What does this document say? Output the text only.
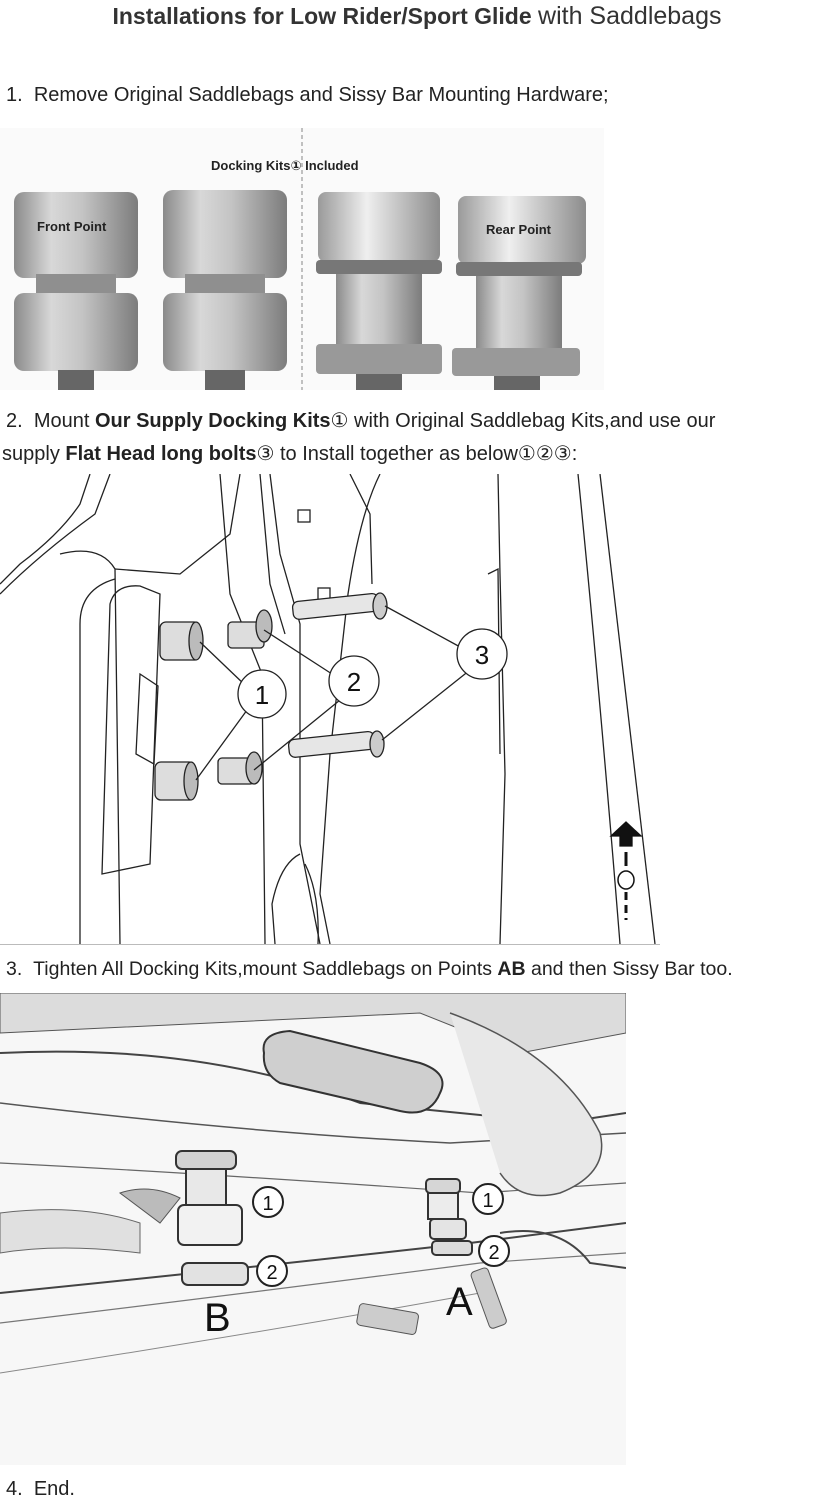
Installations for Low Rider/Sport Glide with Saddlebags
1. Remove Original Saddlebags and Sissy Bar Mounting Hardware;
Docking Kits① Included
Front Point	Rear Point
2. Mount Our Supply Docking Kits① with Original Saddlebag Kits,and use our
supply Flat Head long bolts③ to Install together as below①②③:
1	2
3
3. Tighten All Docking Kits,mount Saddlebags on Points AB and then Sissy Bar too.
1
2
1
2
B	A
4. End.
